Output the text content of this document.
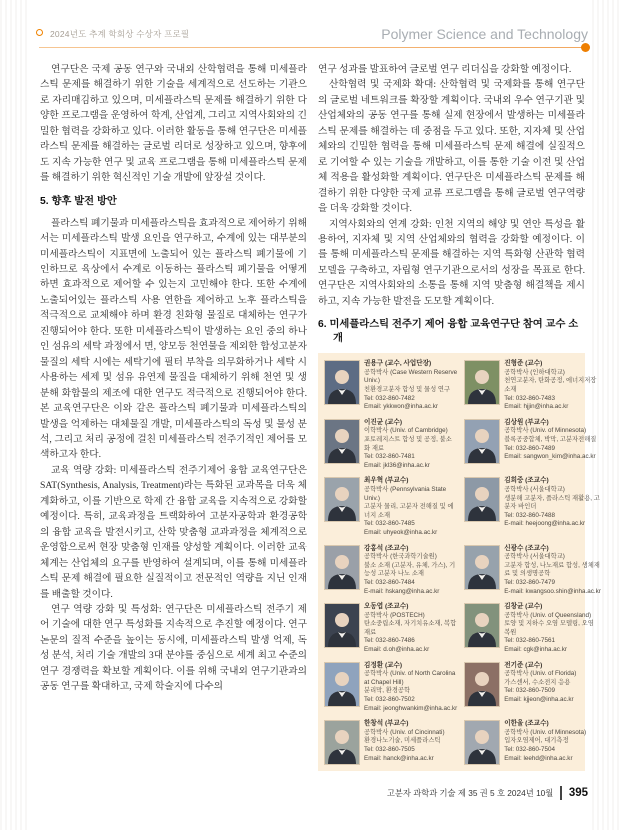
2024년도 추계 학회상 수상자 프로필	Polymer Science and Technology

연구단은 국제 공동 연구와 국내외 산학협력을 통해 미세플라스틱 문제를 해결하기 위한 기술을 세계적으로 선도하는 기관으로 자리매김하고 있으며, 미세플라스틱 문제를 해결하기 위한 다양한 프로그램을 운영하여 학계, 산업계, 그리고 지역사회와의 긴밀한 협력을 강화하고 있다. 이러한 활동을 통해 연구단은 미세플라스틱 문제를 해결하는 글로벌 리더로 성장하고 있으며, 향후에도 지속 가능한 연구 및 교육 프로그램을 통해 미세플라스틱 문제를 해결하기 위한 혁신적인 기술 개발에 앞장설 것이다.

5. 향후 발전 방안

플라스틱 폐기물과 미세플라스틱을 효과적으로 제어하기 위해서는 미세플라스틱 발생 요인을 연구하고, 수계에 있는 대부분의 미세플라스틱이 지표면에 노출되어 있는 플라스틱 폐기물에 기인하므로 육상에서 수계로 이동하는 플라스틱 폐기물을 어떻게 하면 효과적으로 제어할 수 있는지 고민해야 한다. 또한 수계에 노출되어있는 플라스틱 사용 연한을 제어하고 노후 플라스틱을 적극적으로 교체해야 하며 환경 친화형 물질로 대체하는 연구가 진행되어야 한다. 또한 미세플라스틱이 발생하는 요인 중의 하나인 섬유의 세탁 과정에서 면, 양모등 천연물을 제외한 합성고분자 물질의 세탁 시에는 세탁기에 필터 부착을 의무화하거나 세탁 시 사용하는 세제 및 섬유 유연제 물질을 대체하기 위해 천연 및 생분해 화합물의 제조에 대한 연구도 적극적으로 진행되어야 한다. 본 교육연구단은 이와 같은 플라스틱 폐기물과 미세플라스틱의 발생을 억제하는 대체물질 개발, 미세플라스틱의 독성 및 물성 분석, 그리고 처리 공정에 걸친 미세플라스틱 전주기적인 제어를 모색하고자 한다.

교육 역량 강화: 미세플라스틱 전주기제어 융합 교육연구단은 SAT(Synthesis, Analysis, Treatment)라는 특화된 교과목을 더욱 체계화하고, 이를 기반으로 학제 간 융합 교육을 지속적으로 강화할 예정이다. 특히, 교육과정을 트랙화하여 고분자공학과 환경공학의 융합 교육을 발전시키고, 산학 맞춤형 교과과정을 체계적으로 운영함으로써 현장 맞춤형 인재를 양성할 계획이다. 이러한 교육 체계는 산업체의 요구를 반영하여 설계되며, 이를 통해 미세플라스틱 문제 해결에 필요한 실질적이고 전문적인 역량을 지닌 인재를 배출할 것이다.

연구 역량 강화 및 특성화: 연구단은 미세플라스틱 전주기 제어 기술에 대한 연구 특성화를 지속적으로 추진할 예정이다. 연구 논문의 질적 수준을 높이는 동시에, 미세플라스틱 발생 억제, 독성 분석, 처리 기술 개발의 3대 분야를 중심으로 세계 최고 수준의 연구 경쟁력을 확보할 계획이다. 이를 위해 국내외 연구기관과의 공동 연구를 확대하고, 국제 학술지에 다수의

연구 성과를 발표하여 글로벌 연구 리더십을 강화할 예정이다.

산학협력 및 국제화 확대: 산학협력 및 국제화를 통해 연구단의 글로벌 네트워크를 확장할 계획이다. 국내외 우수 연구기관 및 산업체와의 공동 연구를 통해 실제 현장에서 발생하는 미세플라스틱 문제를 해결하는 데 중점을 두고 있다. 또한, 지자체 및 산업체와의 긴밀한 협력을 통해 미세플라스틱 문제 해결에 실질적으로 기여할 수 있는 기술을 개발하고, 이를 통한 기술 이전 및 산업체 적용을 활성화할 계획이다. 연구단은 미세플라스틱 문제를 해결하기 위한 다양한 국제 교류 프로그램을 통해 글로벌 연구역량을 더욱 강화할 것이다.

지역사회와의 연계 강화: 인천 지역의 해양 및 연안 특성을 활용하여, 지자체 및 지역 산업체와의 협력을 강화할 예정이다. 이를 통해 미세플라스틱 문제를 해결하는 지역 특화형 산관학 협력 모델을 구축하고, 자립형 연구기관으로서의 성장을 목표로 한다. 연구단은 지역사회와의 소통을 통해 지역 맞춤형 해결책을 제시하고, 지속 가능한 발전을 도모할 계획이다.

6. 미세플라스틱 전주기 제어 융합 교육연구단 참여 교수 소개
권용구 (교수, 사업단장)
공학박사 (Case Western Reserve Univ.)
친환경고분자 합성 및 물성 연구
Tel: 032-860-7482
Email: ykkwon@inha.ac.kr
진형준 (교수)
공학박사 (인하대학교)
천연고분자, 탄화공정, 에너지저장소재
Tel: 032-860-7483
Email: hjjin@inha.ac.kr
이진균 (교수)
이학박사 (Univ. of Cambridge)
포토레지스트 합성 및 공정, 불소화 재료
Tel: 032-860-7481
Email: jkl36@inha.ac.kr
김상원 (부교수)
공학박사 (Univ. of Minnesota)
블록공중합체, 박막, 고분자전해질
Tel: 032-860-7489
Email: sangwon_kim@inha.ac.kr
최우혁 (부교수)
공학박사 (Pennsylvania State Univ.)
고분자 물리, 고분자 전해질 및 에너지 소재
Tel: 032-860-7485
Email: uhyeok@inha.ac.kr
김희중 (조교수)
공학박사 (서울대학교)
생분해 고분자, 플라스틱 재활용, 고분자 바인더
Tel: 032-860-7488
E-mail: heejoong@inha.ac.kr
강홍석 (조교수)
공학박사 (한국과학기술원)
불소 소재 (고분자, 유체, 가스), 기능성 고분자 나노 소재
Tel: 032-860-7484
E-mail: hskang@inha.ac.kr
신광수 (조교수)
공학박사 (서울대학교)
고분자 합성, 나노재료 합성, 생체재료 및 의생명공학
Tel: 032-860-7479
E-mail: kwangsoo.shin@inha.ac.kr
오동엽 (조교수)
공학박사 (POSTECH)
탄소중립소재, 자기치유소재, 복합재료
Tel: 032-860-7486
Email: d.oh@inha.ac.kr
김창균 (교수)
공학박사 (Univ. of Queensland)
토양 및 지하수 오염 모델링, 오염 복원
Tel: 032-860-7561
Email: cgk@inha.ac.kr
김정환 (교수)
공학박사 (Univ. of North Carolina at Chapel Hill)
분리막, 환경공학
Tel: 032-860-7502
Email: jeonghwankim@inha.ac.kr
전기준 (교수)
공학박사 (Univ. of Florida)
가스센서, 수소전지 응용
Tel: 032-860-7509
Email: kjjeon@inha.ac.kr
한창석 (부교수)
공학박사 (Univ. of Cincinnati)
환경나노기술, 미세플라스틱
Tel: 032-860-7505
Email: hanck@inha.ac.kr
이한울 (조교수)
공학박사 (Univ. of Minnesota)
입자오염제어, 대기측정
Tel: 032-860-7504
Email: leehd@inha.ac.kr
고분자 과학과 기술 제 35 권 5 호 2024년 10월 395
